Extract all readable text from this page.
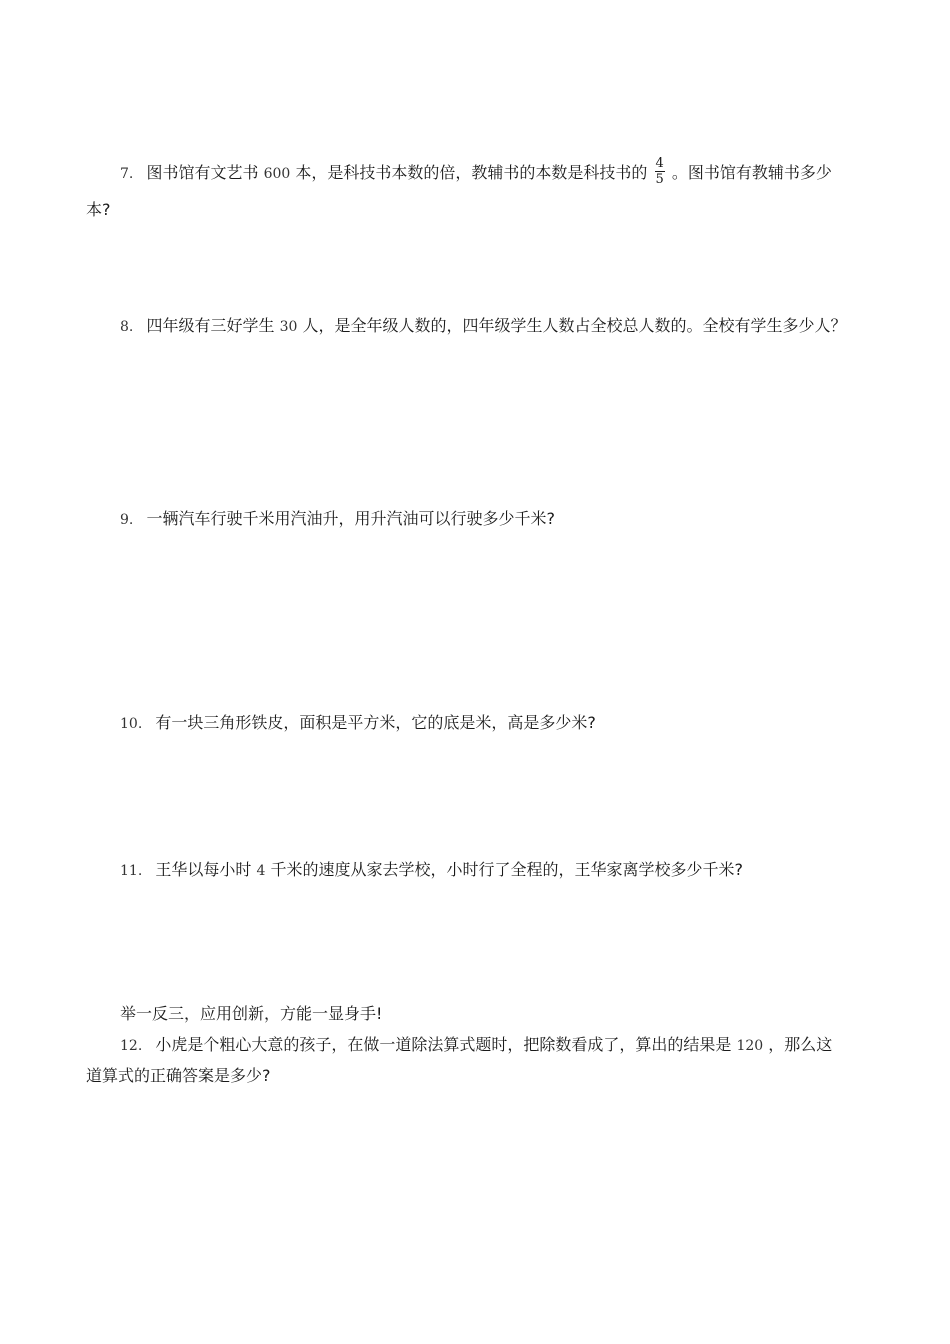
7. 图书馆有文艺书 600 本，是科技书本数的倍，教辅书的本数是科技书的 $\frac{4}{5}$ 。图书馆有教辅书多少
本?
8. 四年级有三好学生 30 人，是全年级人数的，四年级学生人数占全校总人数的。全校有学生多少人？
9. 一辆汽车行驶千米用汽油升，用升汽油可以行驶多少千米?
10. 有一块三角形铁皮，面积是平方米，它的底是米，高是多少米?
11. 王华以每小时 4 千米的速度从家去学校，小时行了全程的，王华家离学校多少千米?
举一反三，应用创新，方能一显身手!
12. 小虎是个粗心大意的孩子，在做一道除法算式题时，把除数看成了，算出的结果是 120 ，那么这
道算式的正确答案是多少?
